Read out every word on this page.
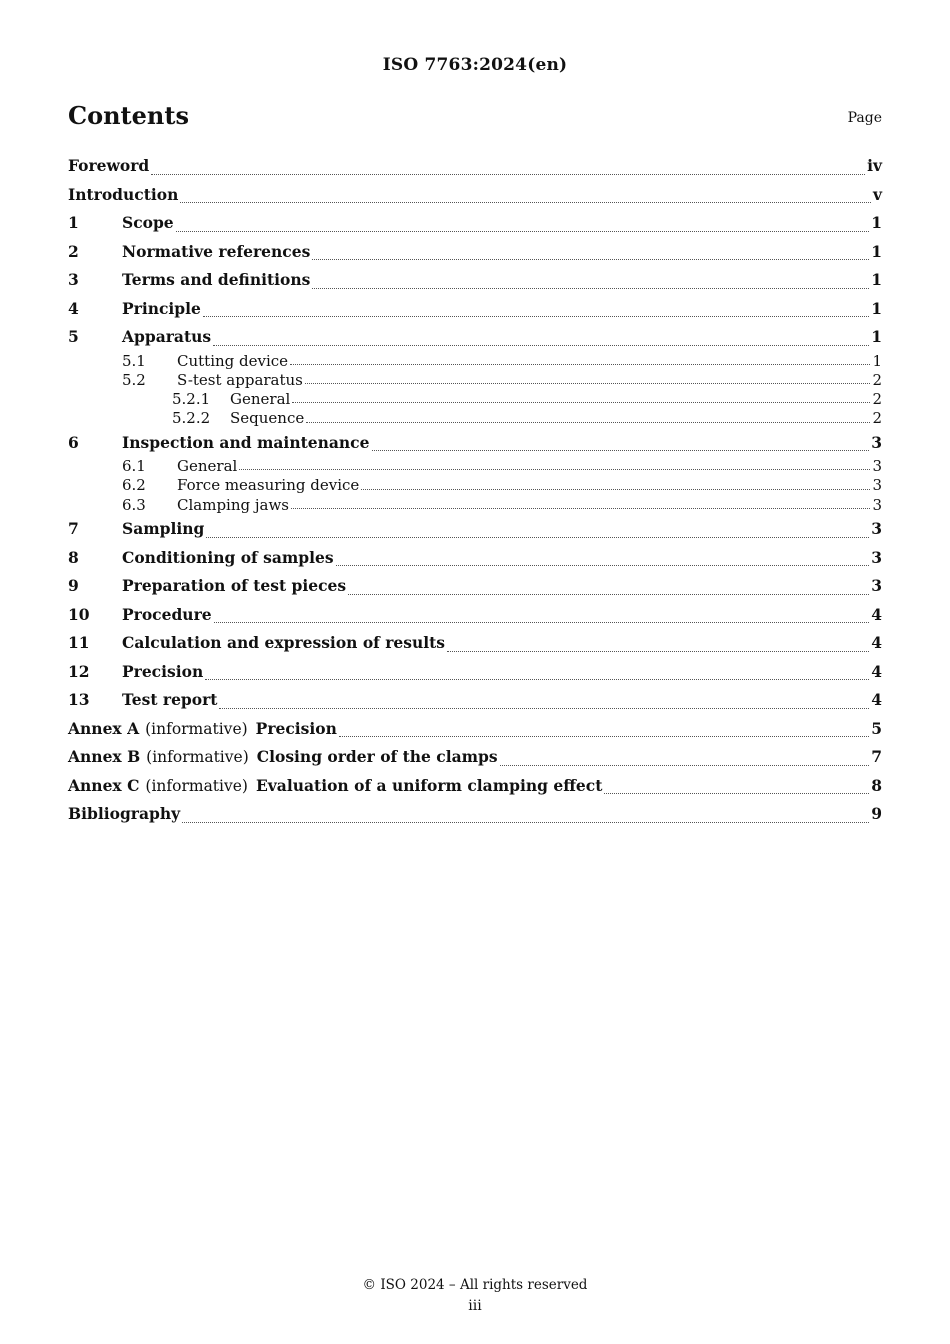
ISO 7763:2024(en)
Contents	Page
Foreword	iv
Introduction	v
1	Scope	1
2	Normative references	1
3	Terms and definitions	1
4	Principle	1
5	Apparatus	1
5.1	Cutting device	1
5.2	S-test apparatus	2
5.2.1	General	2
5.2.2	Sequence	2
6	Inspection and maintenance	3
6.1	General	3
6.2	Force measuring device	3
6.3	Clamping jaws	3
7	Sampling	3
8	Conditioning of samples	3
9	Preparation of test pieces	3
10	Procedure	4
11	Calculation and expression of results	4
12	Precision	4
13	Test report	4
Annex A (informative) Precision	5
Annex B (informative) Closing order of the clamps	7
Annex C (informative) Evaluation of a uniform clamping effect	8
Bibliography	9
© ISO 2024 – All rights reserved
iii
